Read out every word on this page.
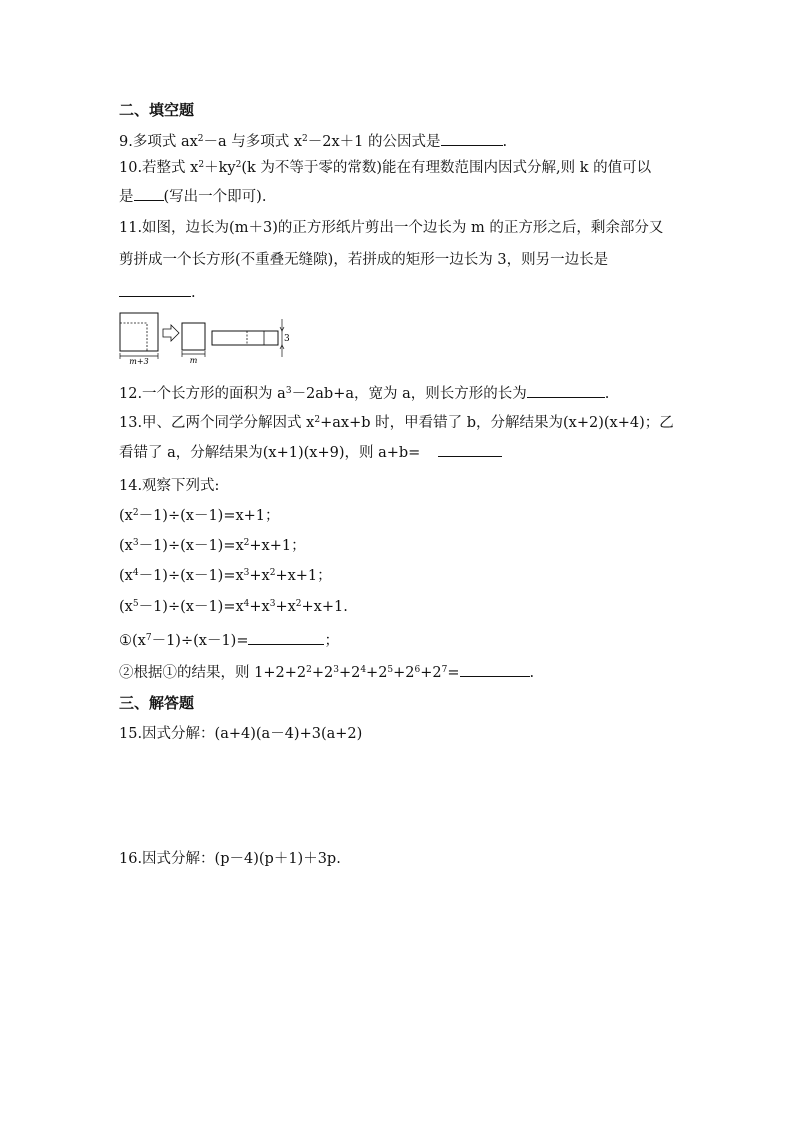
二、填空题
9.多项式 $ax^2-a$ 与多项式 $x^2-2x+1$ 的公因式是	.
10.若整式 $x^2+ky^2(k$ 为不等于零的常数)能在有理数范围内因式分解,则 k 的值可以
是 (写出一个即可).
11.如图，边长为(m＋3)的正方形纸片剪出一个边长为 m 的正方形之后，剩余部分又
剪拼成一个长方形(不重叠无缝隙)，若拼成的矩形一边长为 3，则另一边长是
.
m+3	m
3
12.一个长方形的面积为 $a^3-2ab+a$，宽为 a，则长方形的长为	.
13.甲、乙两个同学分解因式 $x^2+ax+b$ 时，甲看错了 b，分解结果为(x+2)(x+4)；乙
看错了 a，分解结果为(x+1)(x+9)，则 a+b=
14.观察下列式:
$(x^2-1)\div(x-1)=x+1$；
$(x^3-1)\div(x-1)=x^2+x+1$；
$(x^4-1)\div(x-1)=x^3+x^2+x+1$；
$(x^5-1)\div(x-1)=x^4+x^3+x^2+x+1$.
$①(x^7-1)\div(x-1)=$	；
②根据①的结果，则 $1+2+2^2+2^3+2^4+2^5+2^6+2^7=$	.
三、解答题
15.因式分解：(a+4)(a－4)+3(a+2)
16.因式分解：(p－4)(p＋1)＋3p.
